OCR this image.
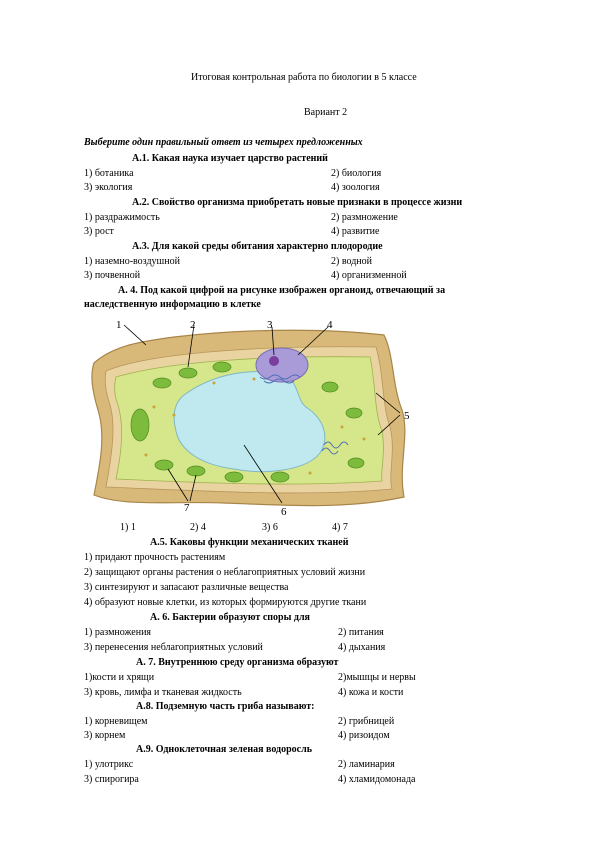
Итоговая контрольная работа по биологии в 5 классе
Вариант 2
Выберите один правильный ответ из четырех предложенных
А.1. Какая наука изучает царство растений
1) ботаника	2) биология
3) экология	4) зоология
А.2. Свойство организма приобретать новые признаки в процессе жизни
1) раздражимость	2) размножение
3) рост	4) развитие
А.3. Для какой среды обитания характерно плодородие
1) наземно-воздушной	2) водной
3) почвенной	4) организменной
А. 4. Под какой цифрой на рисунке изображен органоид, отвечающий за
наследственную информацию в клетке
1	2	3	4
5
6
7
1) 1	2) 4	3) 6	4) 7
А.5. Каковы функции механических тканей
1) придают прочность растениям
2) защищают органы растения о неблагоприятных условий жизни
3) синтезируют и запасают различные вещества
4) образуют новые клетки, из которых формируются другие ткани
А. 6. Бактерии образуют споры для
1) размножения	2) питания
3) перенесения неблагоприятных условий	4) дыхания
А. 7. Внутреннюю среду организма образуют
1)кости и хрящи	2)мышцы и нервы
3) кровь, лимфа и тканевая жидкость	4) кожа и кости
А.8. Подземную часть гриба называют:
1) корневищем	2) грибницей
3) корнем	4) ризоидом
А.9. Одноклеточная зеленая водоросль
1) улотрикс	2) ламинария
3) спирогира	4) хламидомонада
